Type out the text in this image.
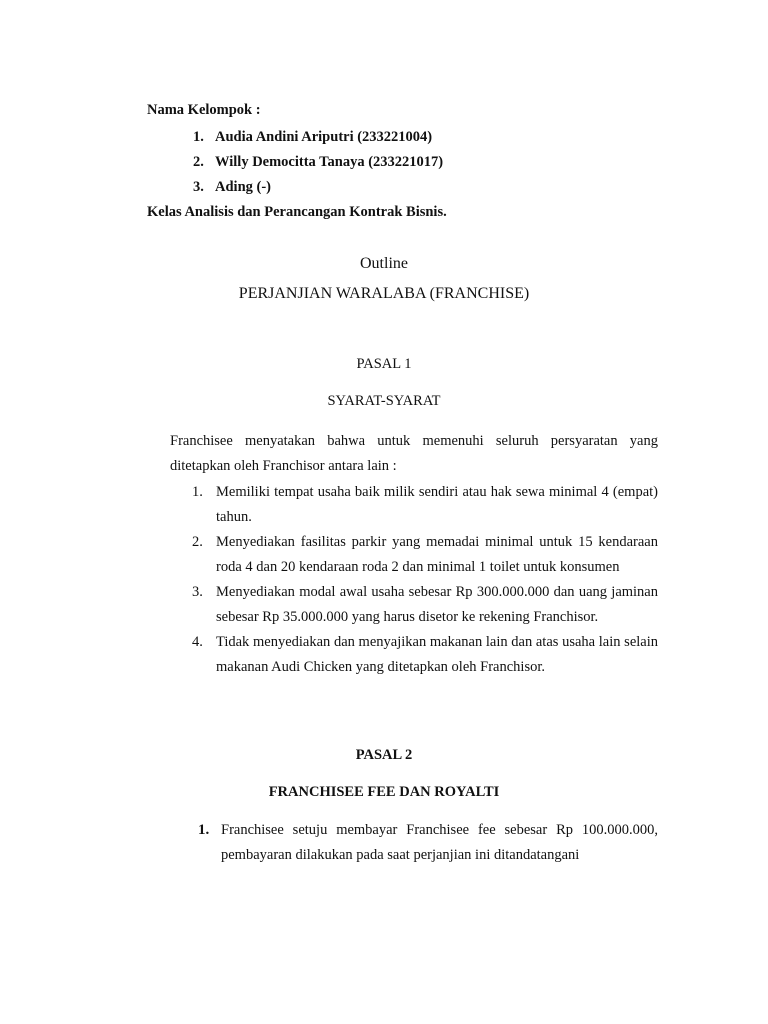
Nama Kelompok :
1. Audia Andini Ariputri (233221004)
2. Willy Democitta Tanaya (233221017)
3. Ading (-)
Kelas Analisis dan Perancangan Kontrak Bisnis.
Outline
PERJANJIAN WARALABA (FRANCHISE)
PASAL 1
SYARAT-SYARAT
Franchisee menyatakan bahwa untuk memenuhi seluruh persyaratan yang ditetapkan oleh Franchisor antara lain :
1. Memiliki tempat usaha baik milik sendiri atau hak sewa minimal 4 (empat) tahun.
2. Menyediakan fasilitas parkir yang memadai minimal untuk 15 kendaraan roda 4 dan 20 kendaraan roda 2 dan minimal 1 toilet untuk konsumen
3. Menyediakan modal awal usaha sebesar Rp 300.000.000 dan uang jaminan sebesar Rp 35.000.000 yang harus disetor ke rekening Franchisor.
4. Tidak menyediakan dan menyajikan makanan lain dan atas usaha lain selain makanan Audi Chicken yang ditetapkan oleh Franchisor.
PASAL 2
FRANCHISEE FEE DAN ROYALTI
1. Franchisee setuju membayar Franchisee fee sebesar Rp 100.000.000, pembayaran dilakukan pada saat perjanjian ini ditandatangani
